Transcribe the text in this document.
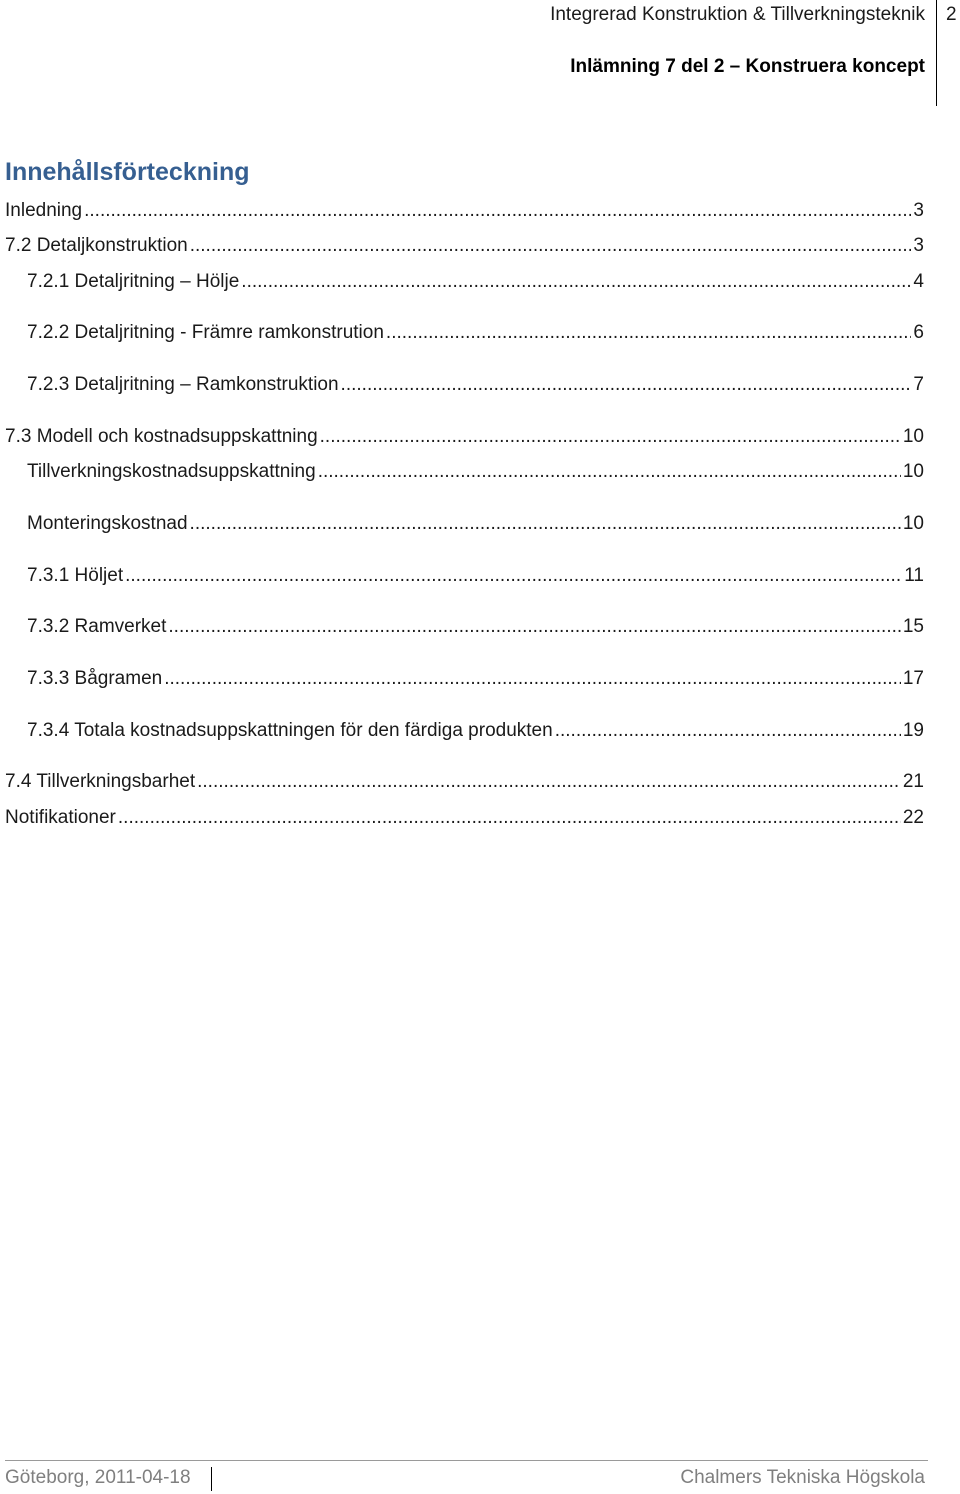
Integrerad Konstruktion & Tillverkningsteknik
Inlämning 7 del 2 – Konstruera koncept
2
Innehållsförteckning
Inledning .....	3
7.2 Detaljkonstruktion .....	3
7.2.1 Detaljritning – Hölje .....	4
7.2.2 Detaljritning - Främre ramkonstrution .....	6
7.2.3 Detaljritning – Ramkonstruktion .....	7
7.3 Modell och kostnadsuppskattning .....	10
Tillverkningskostnadsuppskattning .....	10
Monteringskostnad .....	10
7.3.1 Höljet .....	11
7.3.2 Ramverket .....	15
7.3.3 Bågramen .....	17
7.3.4 Totala kostnadsuppskattningen för den färdiga produkten .....	19
7.4 Tillverkningsbarhet .....	21
Notifikationer .....	22
Göteborg, 2011-04-18	Chalmers Tekniska Högskola
